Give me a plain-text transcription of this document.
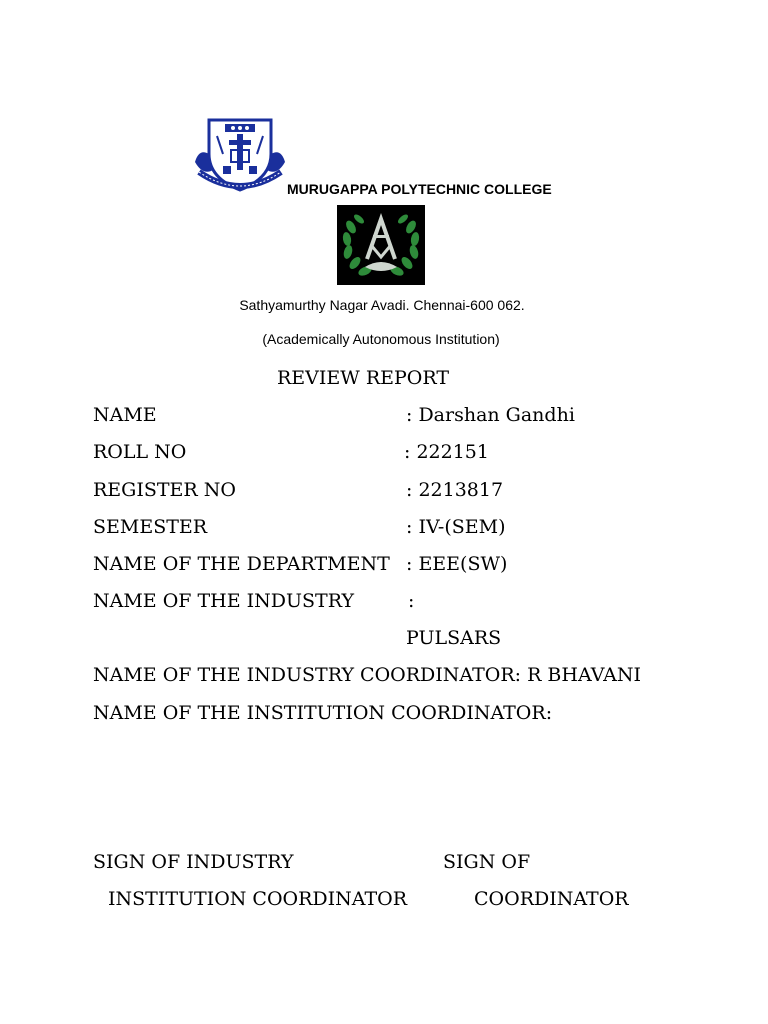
MURUGAPPA POLYTECHNIC COLLEGE
Sathyamurthy Nagar Avadi. Chennai-600 062.
(Academically Autonomous Institution)
REVIEW REPORT
NAME	: Darshan Gandhi
ROLL NO	: 222151
REGISTER NO	: 2213817
SEMESTER	: IV-(SEM)
NAME OF THE DEPARTMENT : EEE(SW)
NAME OF THE INDUSTRY	:
PULSARS
NAME OF THE INDUSTRY COORDINATOR: R BHAVANI
NAME OF THE INSTITUTION COORDINATOR:
SIGN OF INDUSTRY	SIGN OF
INSTITUTION COORDINATOR	COORDINATOR
